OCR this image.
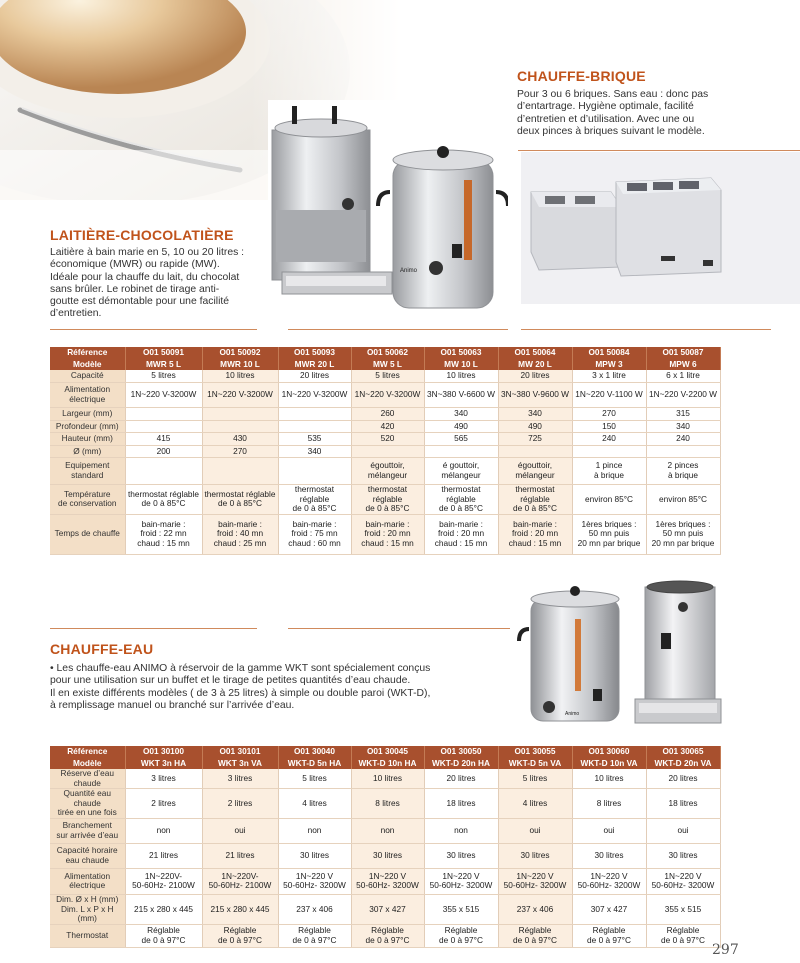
CHAUFFE-BRIQUE
Pour 3 ou 6 briques. Sans eau : donc pas
d’entartrage. Hygiène optimale, facilité
d’entretien et d’utilisation. Avec une ou
deux pinces à briques suivant le modèle.
Animo
LAITIÈRE-CHOCOLATIÈRE
Laitière à bain marie en 5, 10 ou 20 litres :
économique (MWR) ou rapide (MW).
Idéale pour la chauffe du lait, du chocolat
sans brûler. Le robinet de tirage anti-
goutte est démontable pour une facilité
d’entretien.
Référence	O01 50091	O01 50092	O01 50093	O01 50062	O01 50063	O01 50064	O01 50084	O01 50087
Modèle	MWR 5 L	MWR 10 L	MWR 20 L	MW 5 L	MW 10 L	MW 20 L	MPW 3	MPW 6
Capacité	5 litres	10 litres	20 litres	5 litres	10 litres	20 litres	3 x 1 litre	6 x 1 litre
Alimentation
électrique	1N~220 V-3200W	1N~220 V-3200W	1N~220 V-3200W	1N~220 V-3200W	3N~380 V-6600 W	3N~380 V-9600 W	1N~220 V-1100 W	1N~220 V-2200 W
Largeur (mm)				260	340	340	270	315
Profondeur (mm)				420	490	490	150	340
Hauteur (mm)	415	430	535	520	565	725	240	240
Ø (mm)	200	270	340					
Equipement
standard				égouttoir,
mélangeur	é gouttoir,
mélangeur	égouttoir,
mélangeur	1 pince
à brique	2 pinces
à brique
Température
de conservation	thermostat réglable
de 0 à 85°C	thermostat réglable
de 0 à 85°C	thermostat réglable
de 0 à 85°C	thermostat réglable
de 0 à 85°C	thermostat réglable
de 0 à 85°C	thermostat réglable
de 0 à 85°C	environ 85°C	environ 85°C
Temps de chauffe	bain-marie :
froid : 22 mn
chaud : 15 mn	bain-marie :
froid : 40 mn
chaud : 25 mn	bain-marie :
froid : 75 mn
chaud : 60 mn	bain-marie :
froid : 20 mn
chaud : 15 mn	bain-marie :
froid : 20 mn
chaud : 15 mn	bain-marie :
froid : 20 mn
chaud : 15 mn	1ères briques :
50 mn puis
20 mn par brique	1ères briques :
50 mn puis
20 mn par brique
Animo
CHAUFFE-EAU
• Les chauffe-eau ANIMO à réservoir de la gamme WKT sont spécialement conçus
pour une utilisation sur un buffet et le tirage de petites quantités d’eau chaude.
Il en existe différents modèles ( de 3 à 25 litres) à simple ou double paroi (WKT-D),
à remplissage manuel ou branché sur l’arrivée d’eau.
Référence	O01 30100	O01 30101	O01 30040	O01 30045	O01 30050	O01 30055	O01 30060	O01 30065
Modèle	WKT 3n HA	WKT 3n VA	WKT-D 5n HA	WKT-D 10n HA	WKT-D 20n HA	WKT-D 5n VA	WKT-D 10n VA	WKT-D 20n VA
Réserve d’eau chaude	3 litres	3 litres	5 litres	10 litres	20 litres	5 litres	10 litres	20 litres
Quantité eau chaude
tirée en une fois	2 litres	2 litres	4 litres	8 litres	18 litres	4 litres	8 litres	18 litres
Branchement
sur arrivée d’eau	non	oui	non	non	non	oui	oui	oui
Capacité horaire
eau chaude	21 litres	21 litres	30 litres	30 litres	30 litres	30 litres	30 litres	30 litres
Alimentation
électrique	1N~220V-
50-60Hz- 2100W	1N~220V-
50-60Hz- 2100W	1N~220 V
50-60Hz- 3200W	1N~220 V
50-60Hz- 3200W	1N~220 V
50-60Hz- 3200W	1N~220 V
50-60Hz- 3200W	1N~220 V
50-60Hz- 3200W	1N~220 V
50-60Hz- 3200W
Dim. Ø x H (mm)
Dim. L x P x H (mm)	215 x 280 x 445	215 x 280 x 445	237 x 406	307 x 427	355 x 515	237 x 406	307 x 427	355 x 515
Thermostat	Réglable
de 0 à 97°C	Réglable
de 0 à 97°C	Réglable
de 0 à 97°C	Réglable
de 0 à 97°C	Réglable
de 0 à 97°C	Réglable
de 0 à 97°C	Réglable
de 0 à 97°C	Réglable
de 0 à 97°C
297
